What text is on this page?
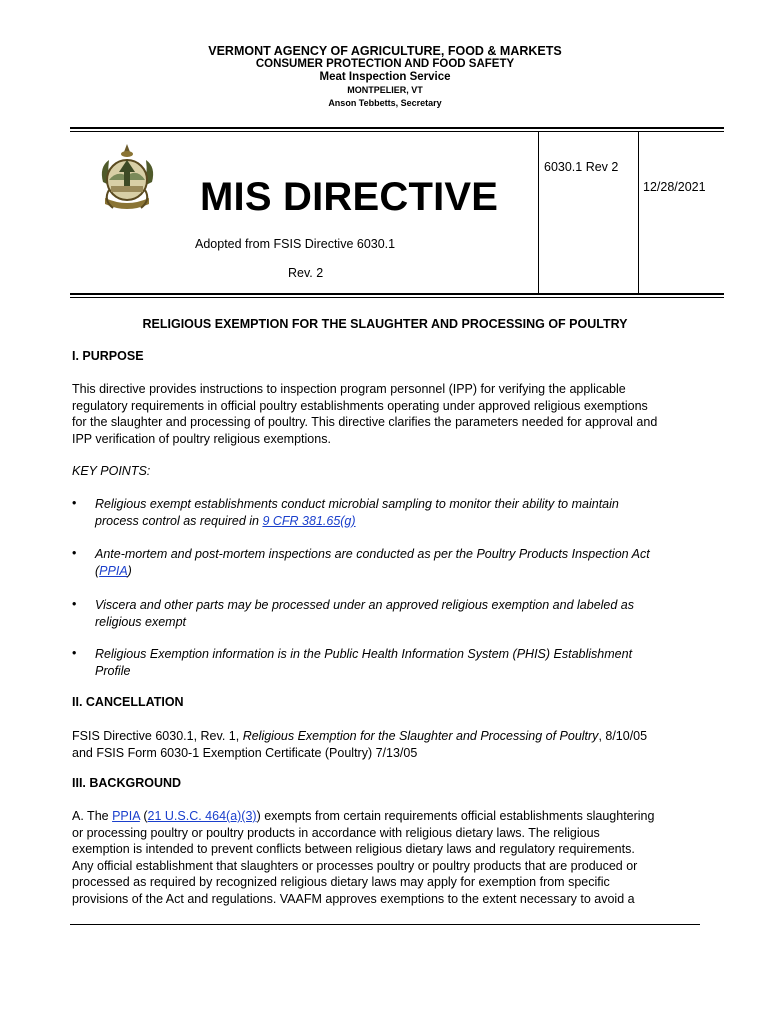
VERMONT AGENCY OF AGRICULTURE, FOOD & MARKETS
CONSUMER PROTECTION AND FOOD SAFETY
Meat Inspection Service
MONTPELIER, VT
Anson Tebbetts, Secretary
MIS DIRECTIVE
Adopted from FSIS Directive 6030.1
Rev. 2
6030.1 Rev 2
12/28/2021
RELIGIOUS EXEMPTION FOR THE SLAUGHTER AND PROCESSING OF POULTRY
I. PURPOSE
This directive provides instructions to inspection program personnel (IPP) for verifying the applicable
regulatory requirements in official poultry establishments operating under approved religious exemptions
for the slaughter and processing of poultry. This directive clarifies the parameters needed for approval and
IPP verification of poultry religious exemptions.
KEY POINTS:
• Religious exempt establishments conduct microbial sampling to monitor their ability to maintain
process control as required in 9 CFR 381.65(g)
• Ante-mortem and post-mortem inspections are conducted as per the Poultry Products Inspection Act
(PPIA)
• Viscera and other parts may be processed under an approved religious exemption and labeled as
religious exempt
• Religious Exemption information is in the Public Health Information System (PHIS) Establishment
Profile
II. CANCELLATION
FSIS Directive 6030.1, Rev. 1, Religious Exemption for the Slaughter and Processing of Poultry, 8/10/05
and FSIS Form 6030-1 Exemption Certificate (Poultry) 7/13/05
III. BACKGROUND
A. The PPIA (21 U.S.C. 464(a)(3)) exempts from certain requirements official establishments slaughtering
or processing poultry or poultry products in accordance with religious dietary laws. The religious
exemption is intended to prevent conflicts between religious dietary laws and regulatory requirements.
Any official establishment that slaughters or processes poultry or poultry products that are produced or
processed as required by recognized religious dietary laws may apply for exemption from specific
provisions of the Act and regulations. VAAFM approves exemptions to the extent necessary to avoid a
